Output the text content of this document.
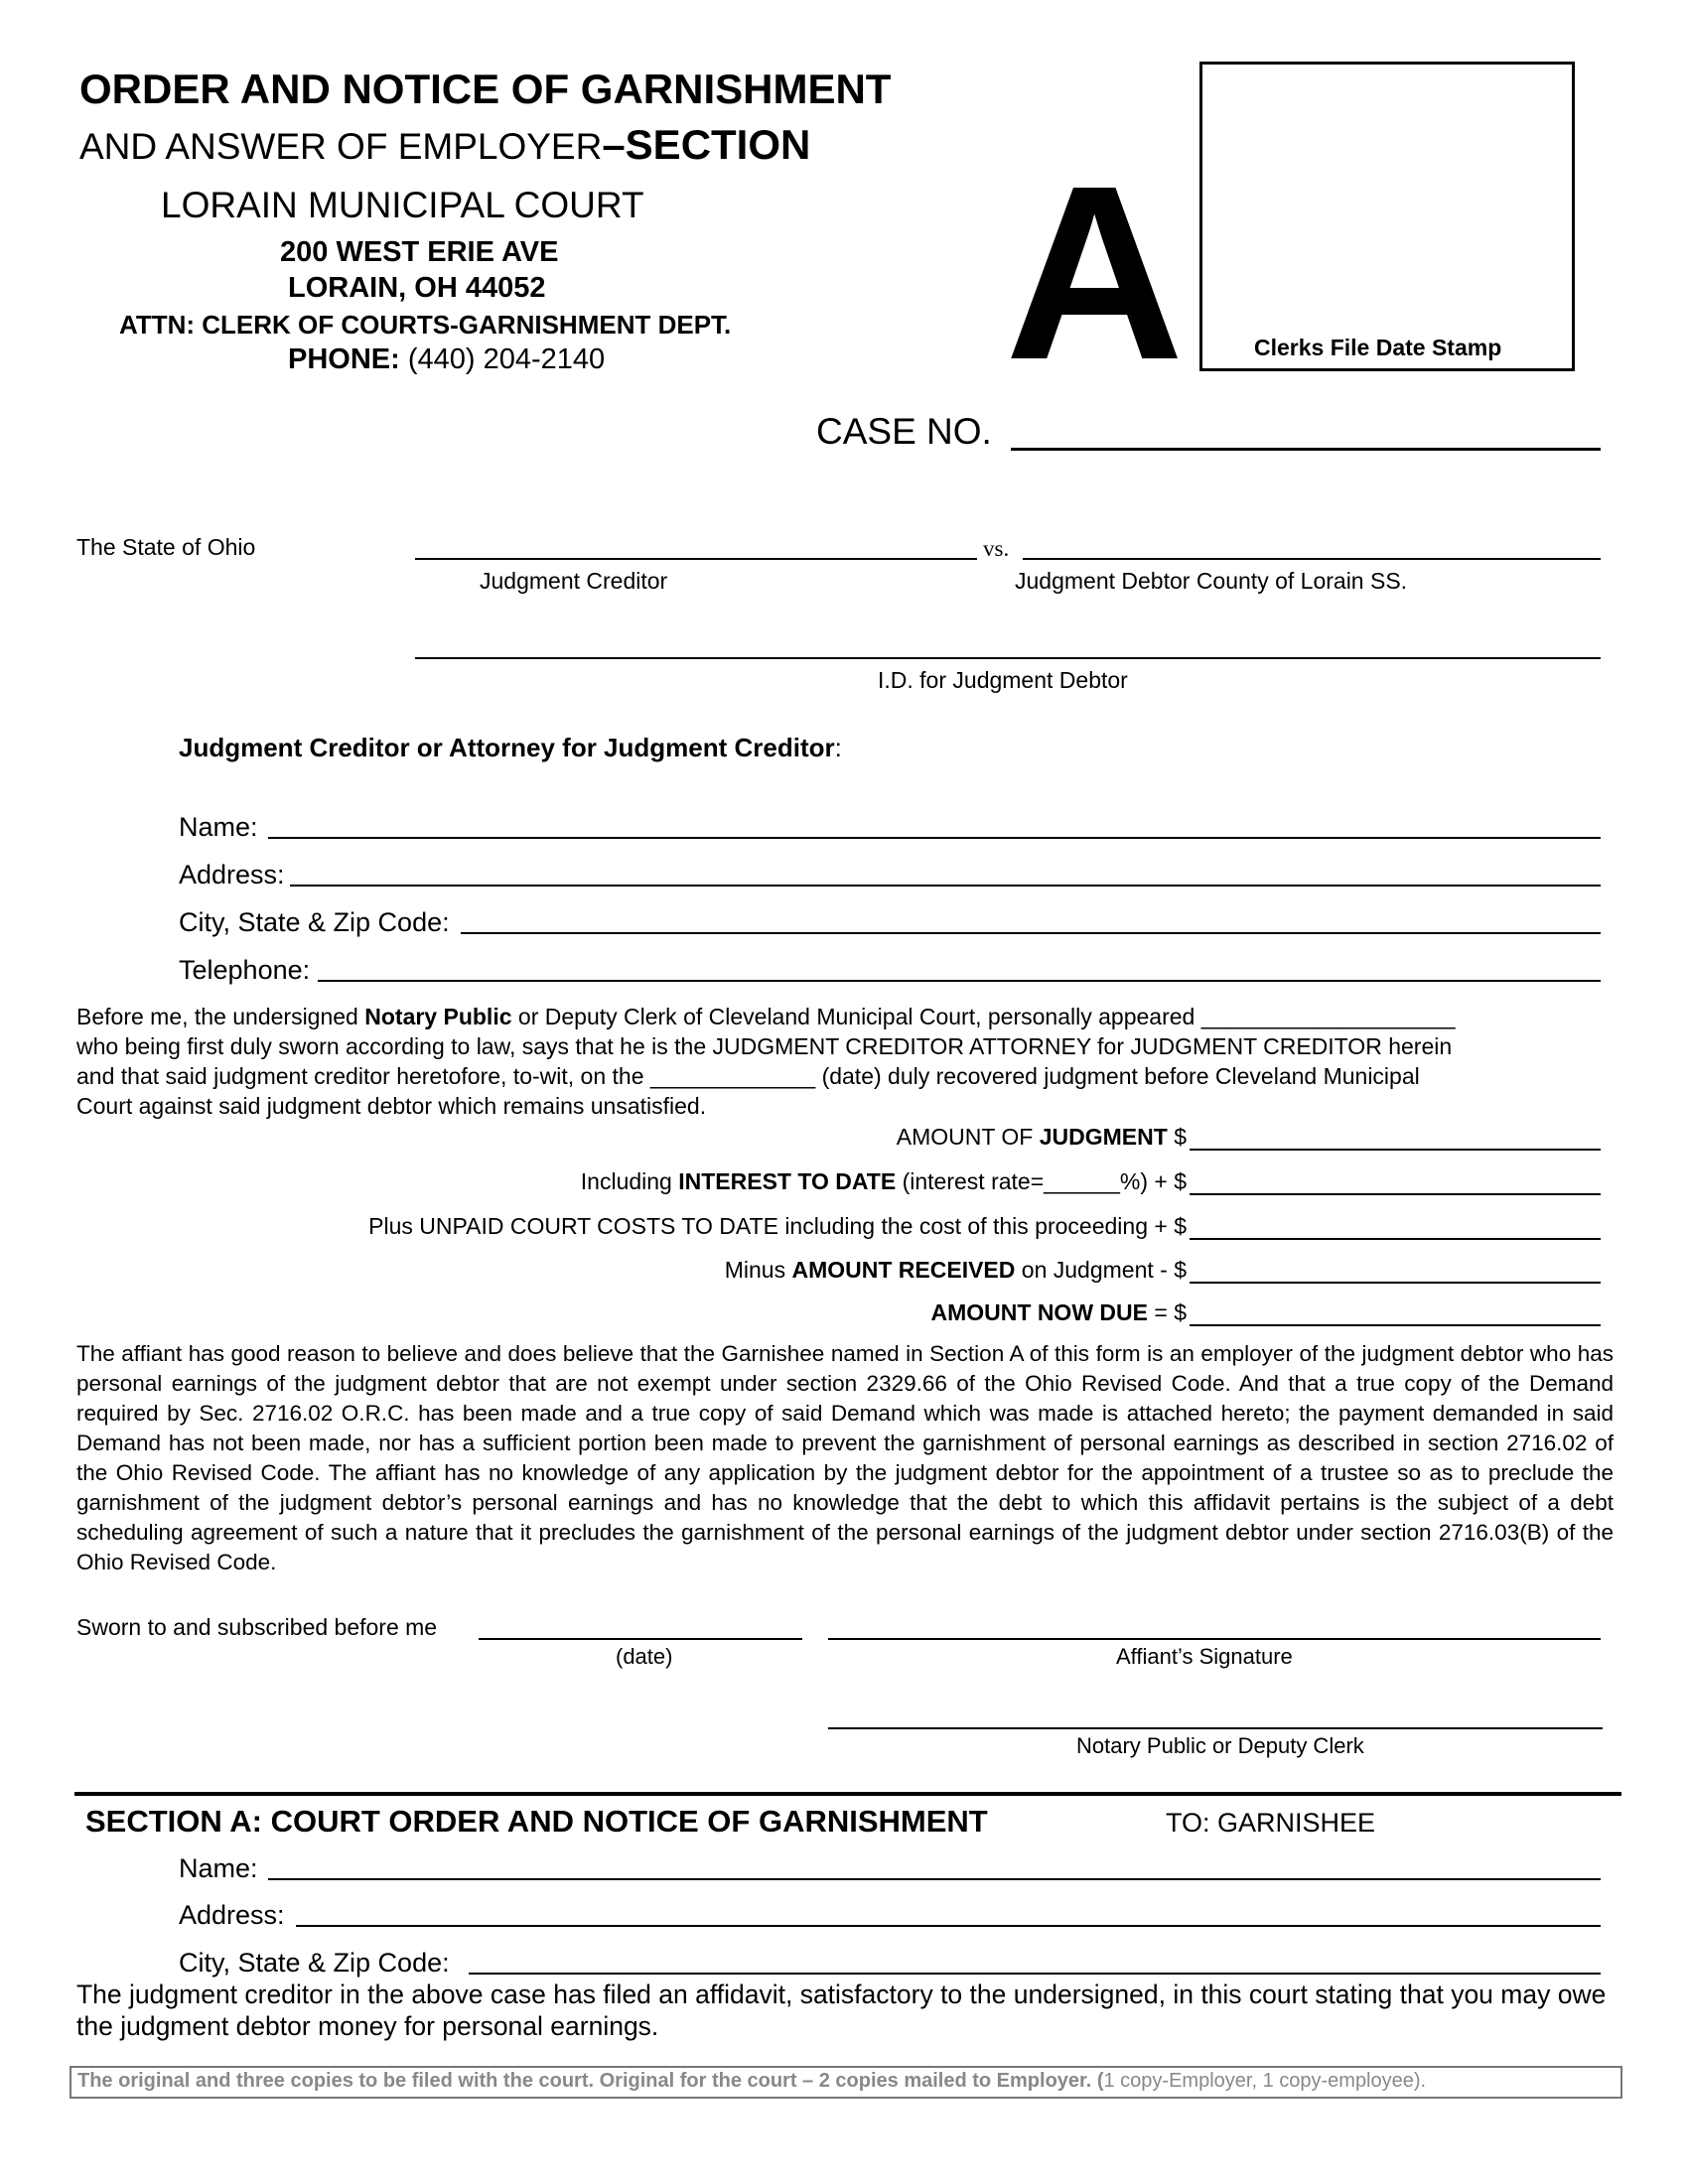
ORDER AND NOTICE OF GARNISHMENT
AND ANSWER OF EMPLOYER–SECTION
LORAIN MUNICIPAL COURT
200 WEST ERIE AVE
LORAIN, OH 44052
ATTN: CLERK OF COURTS-GARNISHMENT DEPT.
PHONE: (440) 204-2140 A	Clerks File Date Stamp
CASE NO.
The State of Ohio	vs.
Judgment Creditor	Judgment Debtor County of Lorain SS.
I.D. for Judgment Debtor
Judgment Creditor or Attorney for Judgment Creditor:
Name:
Address:
City, State & Zip Code:
Telephone:
Before me, the undersigned Notary Public or Deputy Clerk of Cleveland Municipal Court, personally appeared ____________________
who being first duly sworn according to law, says that he is the JUDGMENT CREDITOR ATTORNEY for JUDGMENT CREDITOR herein
and that said judgment creditor heretofore, to-wit, on the _____________ (date) duly recovered judgment before Cleveland Municipal
Court against said judgment debtor which remains unsatisfied.
AMOUNT OF JUDGMENT $
Including INTEREST TO DATE (interest rate=______%) + $
Plus UNPAID COURT COSTS TO DATE including the cost of this proceeding + $
Minus AMOUNT RECEIVED on Judgment - $
AMOUNT NOW DUE = $
The affiant has good reason to believe and does believe that the Garnishee named in Section A of this form is an employer of the judgment debtor who has personal earnings of the judgment debtor that are not exempt under section 2329.66 of the Ohio Revised Code. And that a true copy of the Demand required by Sec. 2716.02 O.R.C. has been made and a true copy of said Demand which was made is attached hereto; the payment demanded in said Demand has not been made, nor has a sufficient portion been made to prevent the garnishment of personal earnings as described in section 2716.02 of the Ohio Revised Code. The affiant has no knowledge of any application by the judgment debtor for the appointment of a trustee so as to preclude the garnishment of the judgment debtor’s personal earnings and has no knowledge that the debt to which this affidavit pertains is the subject of a debt scheduling agreement of such a nature that it precludes the garnishment of the personal earnings of the judgment debtor under section 2716.03(B) of the Ohio Revised Code.
Sworn to and subscribed before me
(date)	Affiant’s Signature
Notary Public or Deputy Clerk
SECTION A: COURT ORDER AND NOTICE OF GARNISHMENT	TO: GARNISHEE
Name:
Address:
City, State & Zip Code:
The judgment creditor in the above case has filed an affidavit, satisfactory to the undersigned, in this court stating that you may owe the judgment debtor money for personal earnings.
The original and three copies to be filed with the court. Original for the court – 2 copies mailed to Employer. (1 copy-Employer, 1 copy-employee).
